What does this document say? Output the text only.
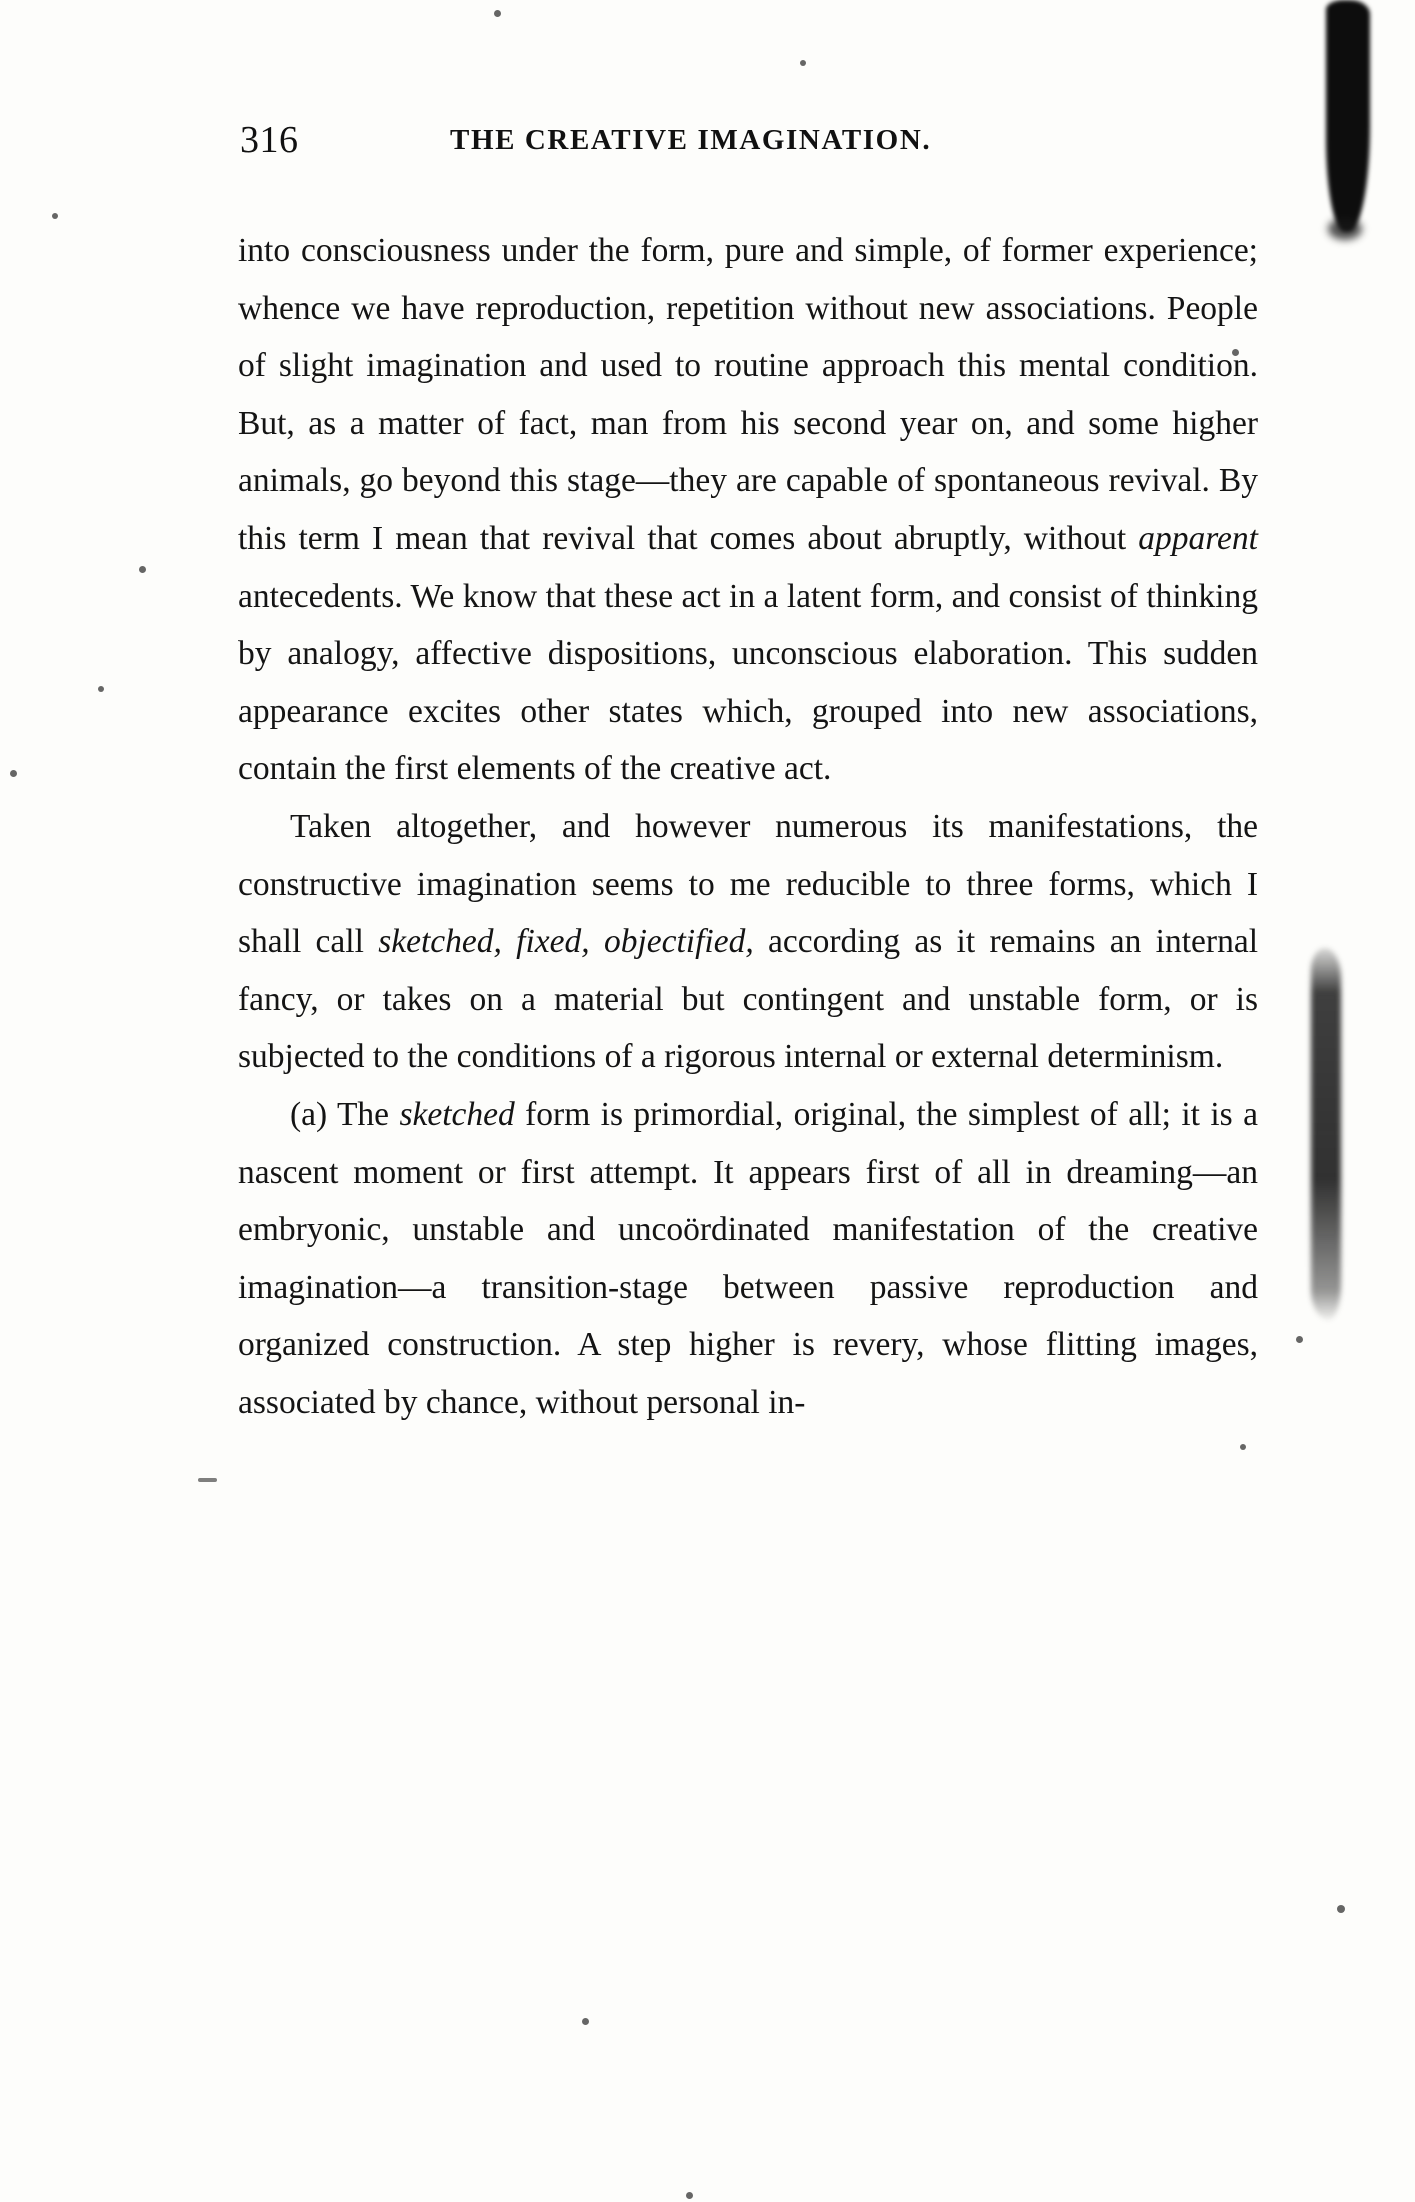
316	THE CREATIVE IMAGINATION.

into consciousness under the form, pure and simple, of former experience; whence we have reproduction, repetition without new associations. People of slight imagination and used to routine approach this mental condition. But, as a matter of fact, man from his second year on, and some higher animals, go beyond this stage—they are capable of spontaneous revival. By this term I mean that revival that comes about abruptly, without apparent antecedents. We know that these act in a latent form, and consist of thinking by analogy, affective dispositions, unconscious elaboration. This sudden appearance excites other states which, grouped into new associations, contain the first elements of the creative act.

Taken altogether, and however numerous its manifestations, the constructive imagination seems to me reducible to three forms, which I shall call sketched, fixed, objectified, according as it remains an internal fancy, or takes on a material but contingent and unstable form, or is subjected to the conditions of a rigorous internal or external determinism.

(a) The sketched form is primordial, original, the simplest of all; it is a nascent moment or first attempt. It appears first of all in dreaming—an embryonic, unstable and uncoördinated manifestation of the creative imagination—a transition-stage between passive reproduction and organized construction. A step higher is revery, whose flitting images, associated by chance, without personal in-
